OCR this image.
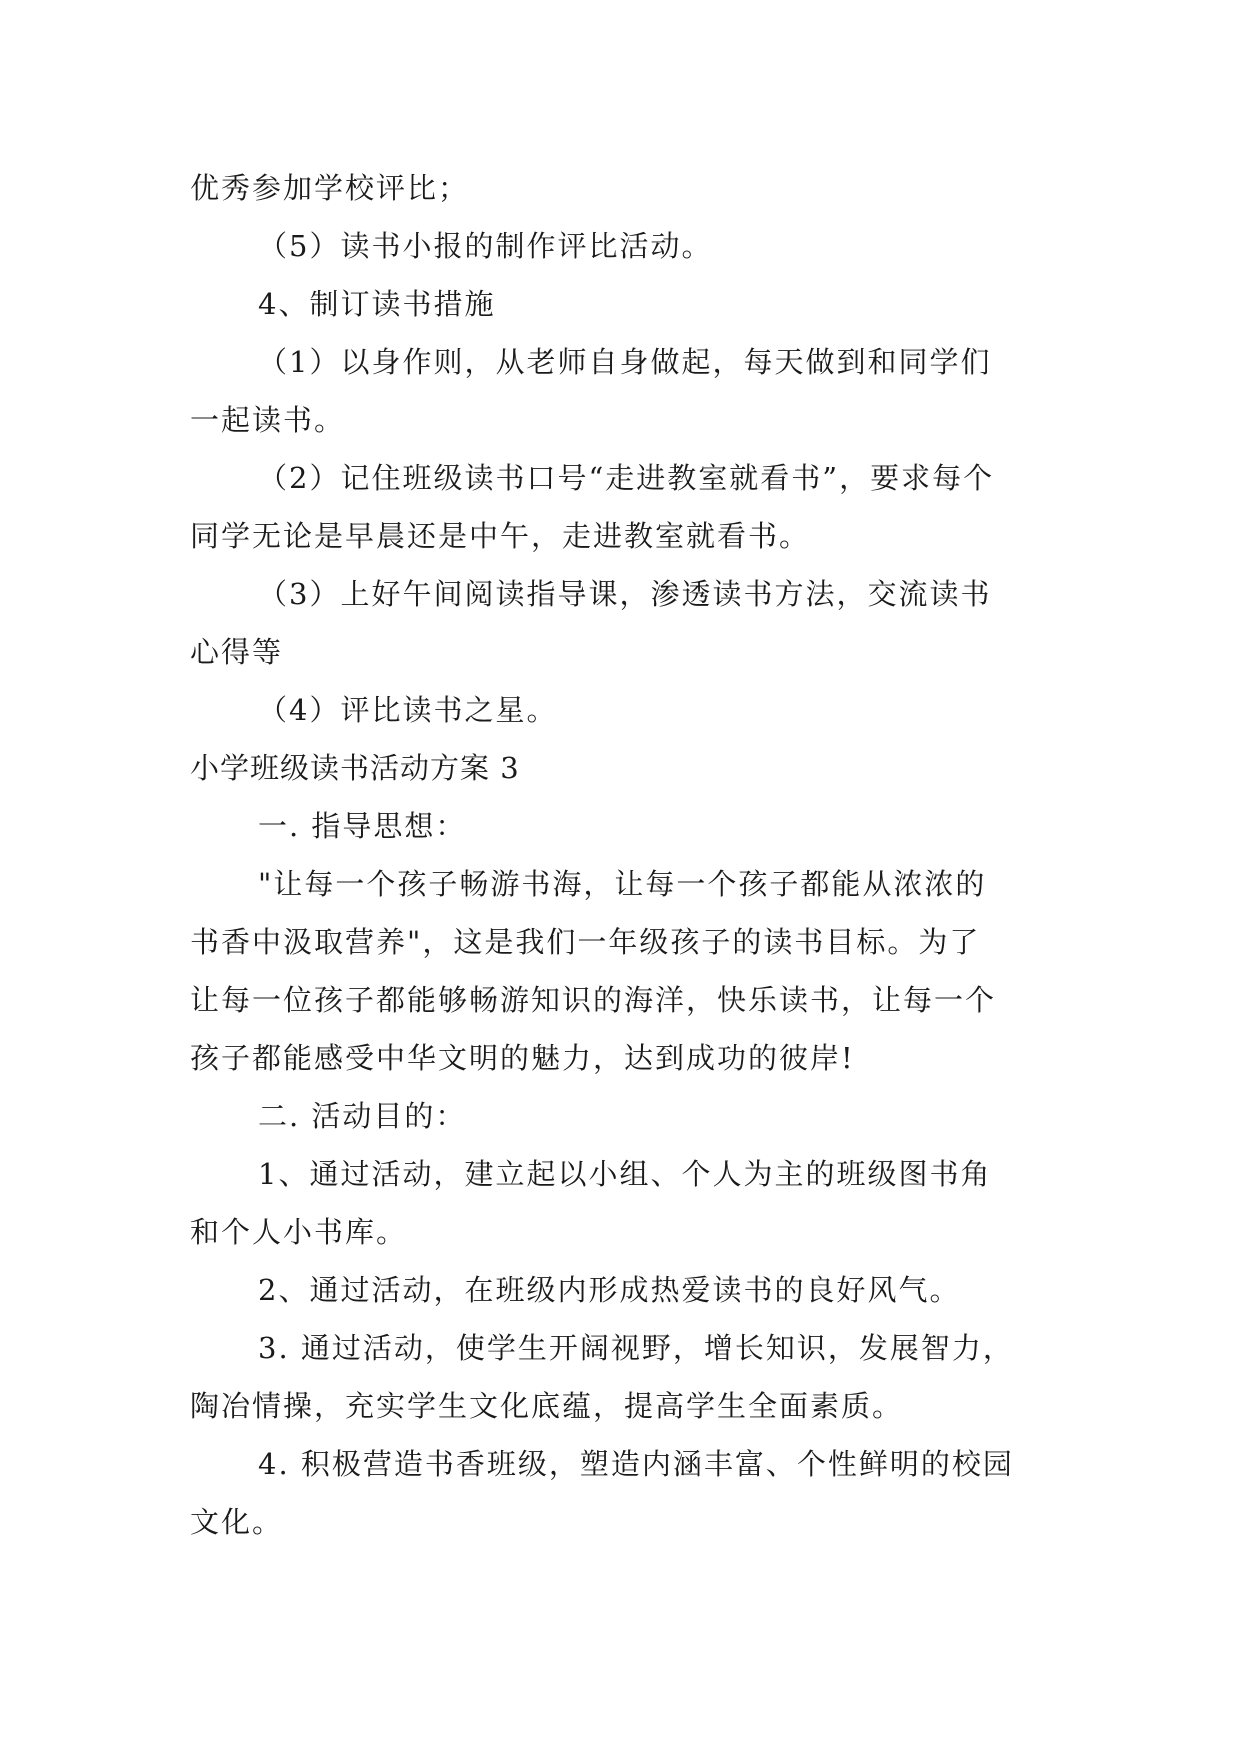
优秀参加学校评比；
（5）读书小报的制作评比活动。
4、制订读书措施
（1）以身作则，从老师自身做起，每天做到和同学们
一起读书。
（2）记住班级读书口号“走进教室就看书”，要求每个
同学无论是早晨还是中午，走进教室就看书。
（3）上好午间阅读指导课，渗透读书方法，交流读书
心得等
（4）评比读书之星。
小学班级读书活动方案 3
一. 指导思想：
"让每一个孩子畅游书海，让每一个孩子都能从浓浓的
书香中汲取营养"，这是我们一年级孩子的读书目标。为了
让每一位孩子都能够畅游知识的海洋，快乐读书，让每一个
孩子都能感受中华文明的魅力，达到成功的彼岸!
二. 活动目的：
1、通过活动，建立起以小组、个人为主的班级图书角
和个人小书库。
2、通过活动，在班级内形成热爱读书的良好风气。
3. 通过活动，使学生开阔视野，增长知识，发展智力，
陶冶情操，充实学生文化底蕴，提高学生全面素质。
4. 积极营造书香班级，塑造内涵丰富、个性鲜明的校园
文化。
